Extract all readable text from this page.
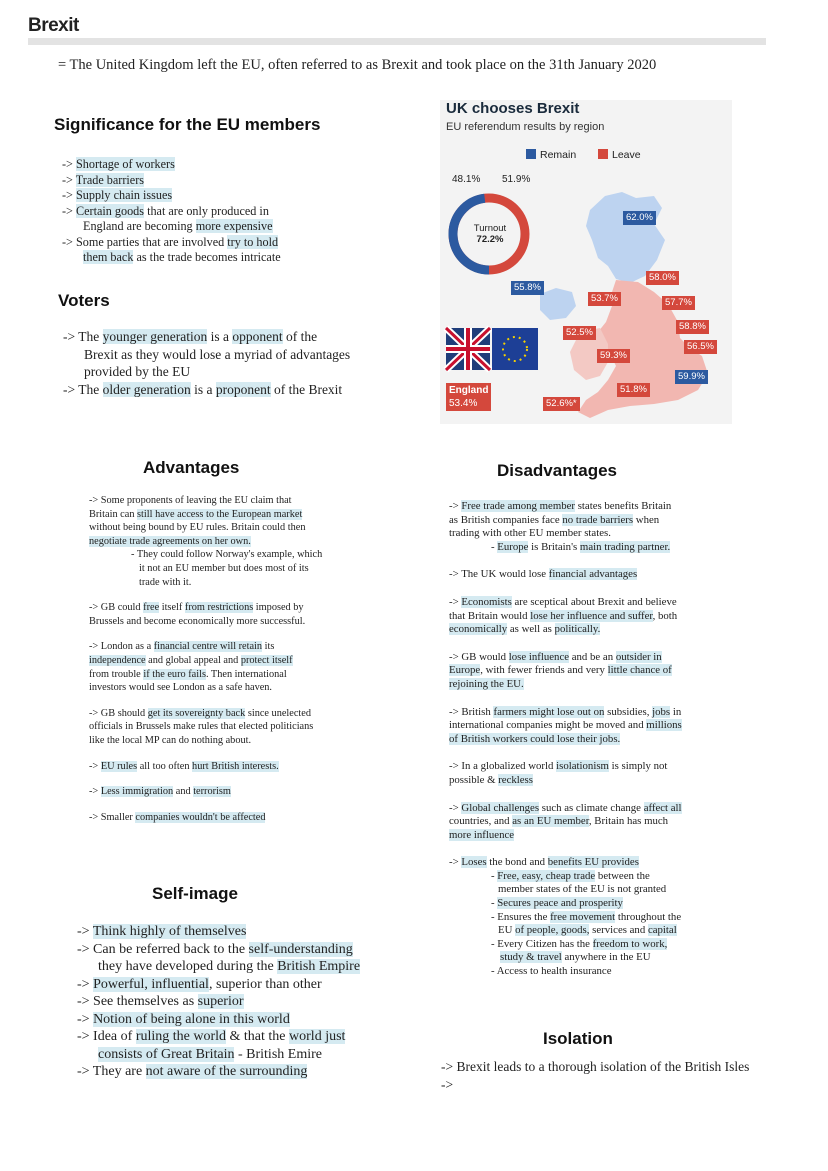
Brexit
= The United Kingdom left the EU, often referred to as Brexit and took place on the 31th January 2020
Significance for the EU members

-> Shortage of workers

-> Trade barriers

-> Supply chain issues

-> Certain goods that are only produced in

England are becoming more expensive

-> Some parties that are involved try to hold

them back as the trade becomes intricate

Voters

-> The younger generation is a opponent of the

Brexit as they would lose a myriad of advantages

provided by the EU

-> The older generation is a proponent of the Brexit

UK chooses Brexit
EU referendum results by region
Remain	Leave
48.1% 51.9%
Turnout
72.2%
62.0%
58.0%
55.8%
53.7%	57.7%
52.5%
58.8%
59.3%
56.5%
59.9%
51.8%
52.6%*
England
53.4%
Advantages

-> Some proponents of leaving the EU claim that

Britain can still have access to the European market

without being bound by EU rules. Britain could then

negotiate trade agreements on her own.

- They could follow Norway's example, which

it not an EU member but does most of its

trade with it.

-> GB could free itself from restrictions imposed by

Brussels and become economically more successful.

-> London as a financial centre will retain its

independence and global appeal and protect itself

from trouble if the euro fails. Then international

investors would see London as a safe haven.

-> GB should get its sovereignty back since unelected

officials in Brussels make rules that elected politicians

like the local MP can do nothing about.

-> EU rules all too often hurt British interests.

-> Less immigration and terrorism

-> Smaller companies wouldn't be affected

Disadvantages

-> Free trade among member states benefits Britain

as British companies face no trade barriers when

trading with other EU member states.

- Europe is Britain's main trading partner.

-> The UK would lose financial advantages

-> Economists are sceptical about Brexit and believe

that Britain would lose her influence and suffer, both

economically as well as politically.

-> GB would lose influence and be an outsider in

Europe, with fewer friends and very little chance of

rejoining the EU.

-> British farmers might lose out on subsidies, jobs in

international companies might be moved and millions

of British workers could lose their jobs.

-> In a globalized world isolationism is simply not

possible & reckless

-> Global challenges such as climate change affect all

countries, and as an EU member, Britain has much

more influence

-> Loses the bond and benefits EU provides

- Free, easy, cheap trade between the

member states of the EU is not granted

- Secures peace and prosperity

- Ensures the free movement throughout the

EU of people, goods, services and capital

- Every Citizen has the freedom to work,

study & travel anywhere in the EU

- Access to health insurance

Self-image

-> Think highly of themselves

-> Can be referred back to the self-understanding

they have developed during the British Empire

-> Powerful, influential, superior than other

-> See themselves as superior

-> Notion of being alone in this world

-> Idea of ruling the world & that the world just

consists of Great Britain - British Emire

-> They are not aware of the surrounding

Isolation

-> Brexit leads to a thorough isolation of the British Isles

->
